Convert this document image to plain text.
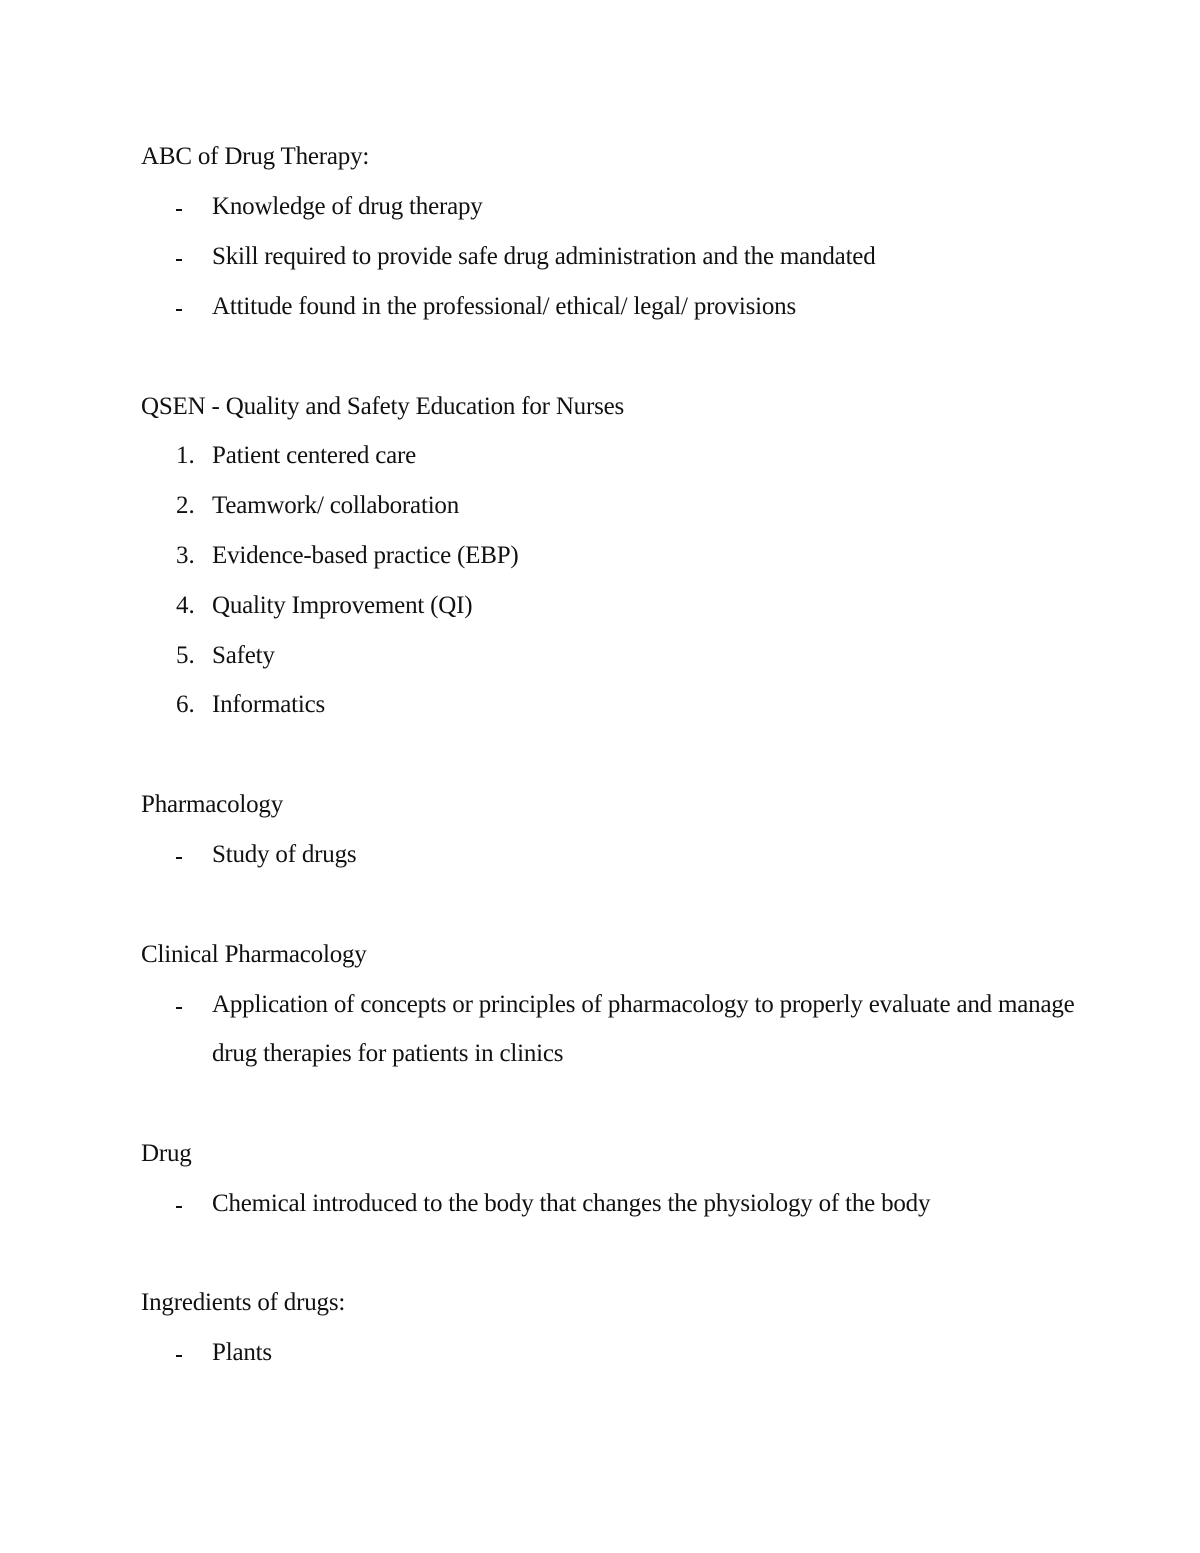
ABC of Drug Therapy:
Knowledge of drug therapy
Skill required to provide safe drug administration and the mandated
Attitude found in the professional/ ethical/ legal/ provisions
QSEN - Quality and Safety Education for Nurses
1. Patient centered care
2. Teamwork/ collaboration
3. Evidence-based practice (EBP)
4. Quality Improvement (QI)
5. Safety
6. Informatics
Pharmacology
Study of drugs
Clinical Pharmacology
Application of concepts or principles of pharmacology to properly evaluate and manage
drug therapies for patients in clinics
Drug
Chemical introduced to the body that changes the physiology of the body
Ingredients of drugs:
Plants
